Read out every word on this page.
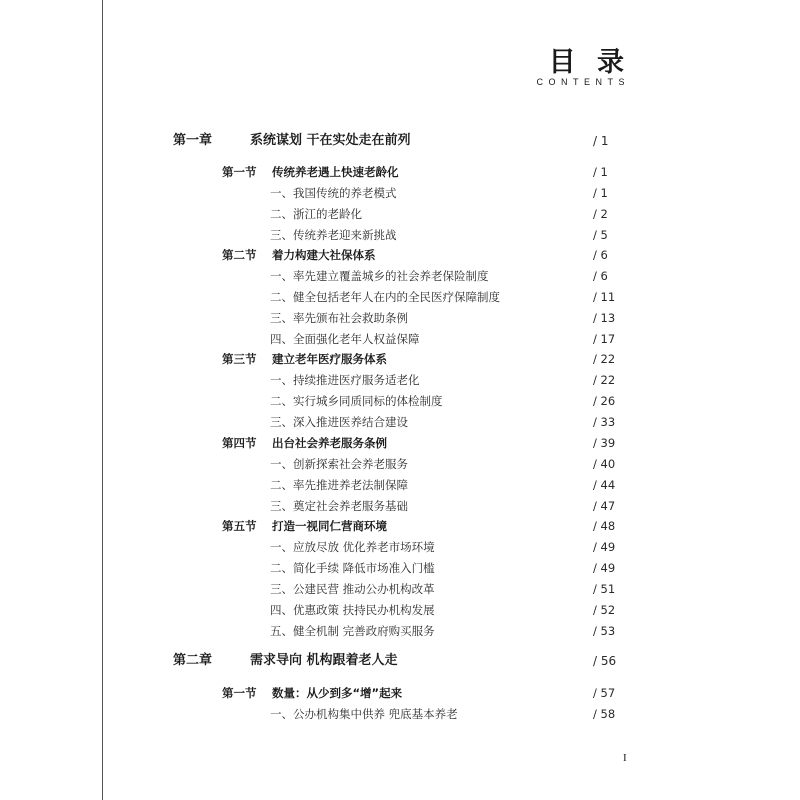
目 录
CONTENTS
第一章	系统谋划 干在实处走在前列	/ 1
第一节 传统养老遇上快速老龄化	/ 1
一、我国传统的养老模式	/ 1
二、浙江的老龄化	/ 2
三、传统养老迎来新挑战	/ 5
第二节 着力构建大社保体系	/ 6
一、率先建立覆盖城乡的社会养老保险制度	/ 6
二、健全包括老年人在内的全民医疗保障制度	/ 11
三、率先颁布社会救助条例	/ 13
四、全面强化老年人权益保障	/ 17
第三节 建立老年医疗服务体系	/ 22
一、持续推进医疗服务适老化	/ 22
二、实行城乡同质同标的体检制度	/ 26
三、深入推进医养结合建设	/ 33
第四节 出台社会养老服务条例	/ 39
一、创新探索社会养老服务	/ 40
二、率先推进养老法制保障	/ 44
三、奠定社会养老服务基础	/ 47
第五节 打造一视同仁营商环境	/ 48
一、应放尽放 优化养老市场环境	/ 49
二、简化手续 降低市场准入门槛	/ 49
三、公建民营 推动公办机构改革	/ 51
四、优惠政策 扶持民办机构发展	/ 52
五、健全机制 完善政府购买服务	/ 53
第二章	需求导向 机构跟着老人走	/ 56
第一节 数量：从少到多“增”起来	/ 57
一、公办机构集中供养 兜底基本养老	/ 58
I
